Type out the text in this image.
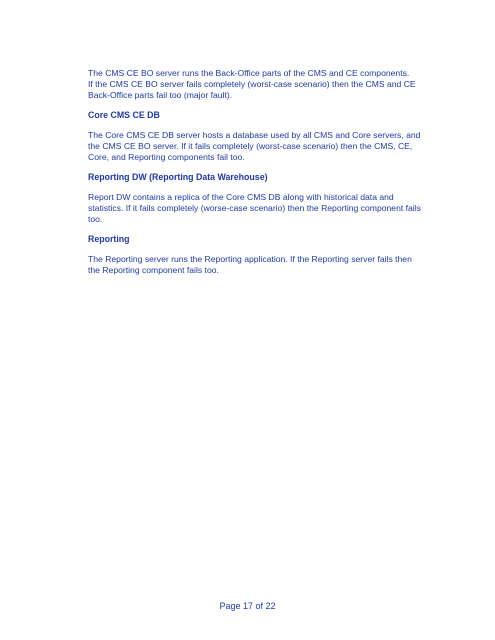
The CMS CE BO server runs the Back-Office parts of the CMS and CE components.
If the CMS CE BO server fails completely (worst-case scenario) then the CMS and CE
Back-Office parts fail too (major fault).

Core CMS CE DB

The Core CMS CE DB server hosts a database used by all CMS and Core servers, and
the CMS CE BO server. If it fails completely (worst-case scenario) then the CMS, CE,
Core, and Reporting components fail too.

Reporting DW (Reporting Data Warehouse)

Report DW contains a replica of the Core CMS DB along with historical data and
statistics. If it fails completely (worse-case scenario) then the Reporting component fails
too.

Reporting

The Reporting server runs the Reporting application. If the Reporting server fails then
the Reporting component fails too.

Page 17 of 22
